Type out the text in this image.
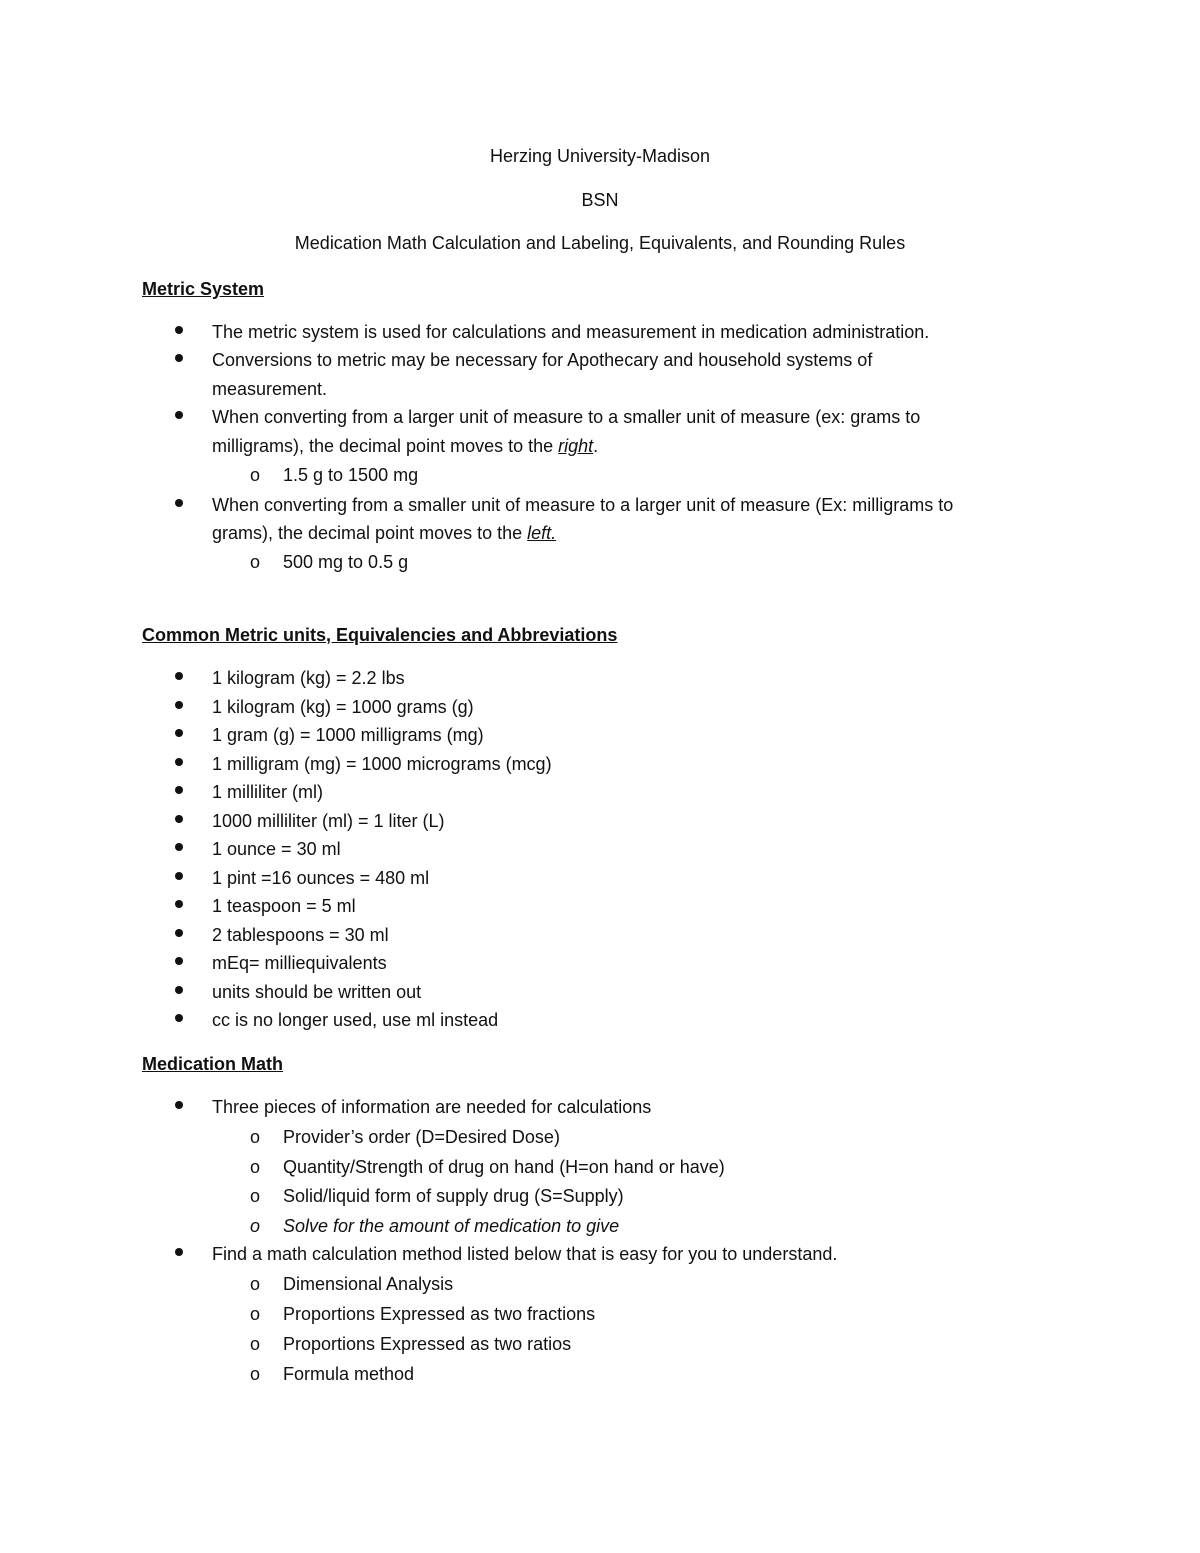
Herzing University-Madison
BSN
Medication Math Calculation and Labeling, Equivalents, and Rounding Rules
Metric System
The metric system is used for calculations and measurement in medication administration.
Conversions to metric may be necessary for Apothecary and household systems of
measurement.
When converting from a larger unit of measure to a smaller unit of measure (ex: grams to
milligrams), the decimal point moves to the right.
o 1.5 g to 1500 mg
When converting from a smaller unit of measure to a larger unit of measure (Ex: milligrams to
grams), the decimal point moves to the left.
o 500 mg to 0.5 g
Common Metric units, Equivalencies and Abbreviations
1 kilogram (kg) = 2.2 lbs
1 kilogram (kg) = 1000 grams (g)
1 gram (g) = 1000 milligrams (mg)
1 milligram (mg) = 1000 micrograms (mcg)
1 milliliter (ml)
1000 milliliter (ml) = 1 liter (L)
1 ounce = 30 ml
1 pint =16 ounces = 480 ml
1 teaspoon = 5 ml
2 tablespoons = 30 ml
mEq= milliequivalents
units should be written out
cc is no longer used, use ml instead
Medication Math
Three pieces of information are needed for calculations
o Provider’s order (D=Desired Dose)
o Quantity/Strength of drug on hand (H=on hand or have)
o Solid/liquid form of supply drug (S=Supply)
o Solve for the amount of medication to give
Find a math calculation method listed below that is easy for you to understand.
o Dimensional Analysis
o Proportions Expressed as two fractions
o Proportions Expressed as two ratios
o Formula method
